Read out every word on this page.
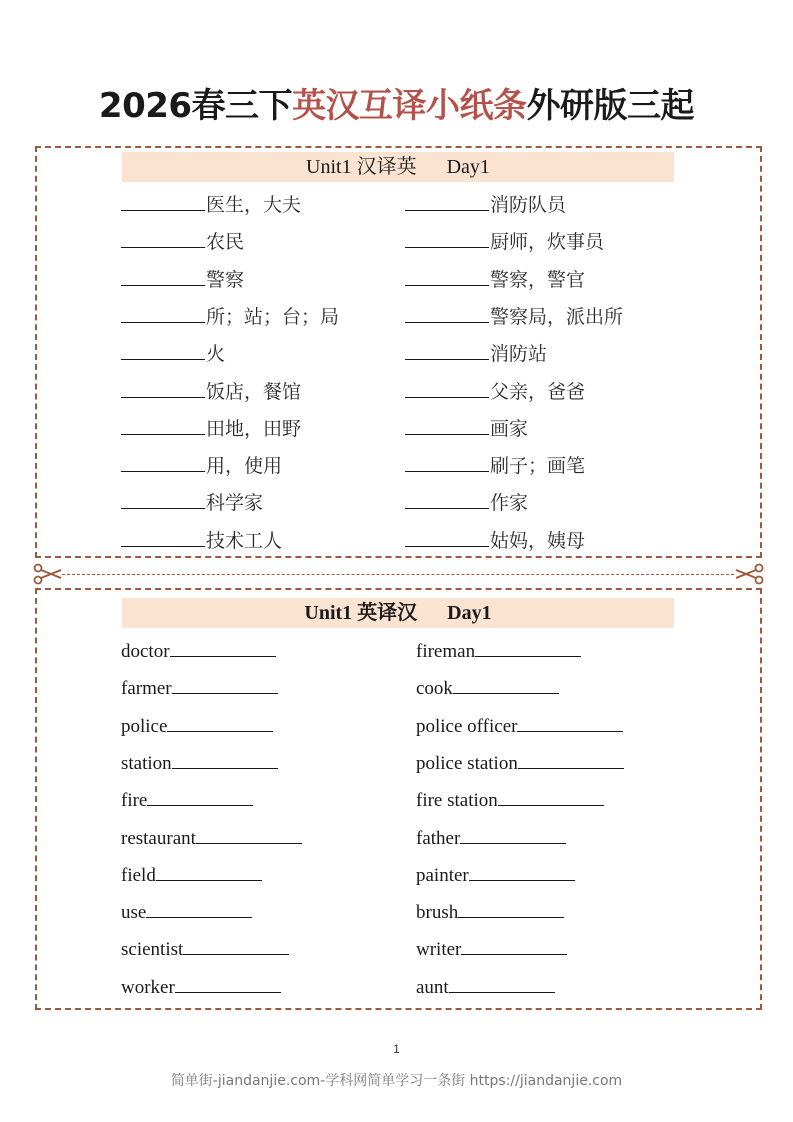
2026春三下英汉互译小纸条外研版三起
Unit1 汉译英 Day1
医生，大夫
农民
警察
所；站；台；局
火
饭店，餐馆
田地，田野
用，使用
科学家
技术工人
消防队员
厨师，炊事员
警察，警官
警察局，派出所
消防站
父亲，爸爸
画家
刷子；画笔
作家
姑妈，姨母
Unit1 英译汉 Day1
doctor
farmer
police
station
fire
restaurant
field
use
scientist
worker
fireman
cook
police officer
police station
fire station
father
painter
brush
writer
aunt
1
简单街-jiandanjie.com-学科网简单学习一条街 https://jiandanjie.com
